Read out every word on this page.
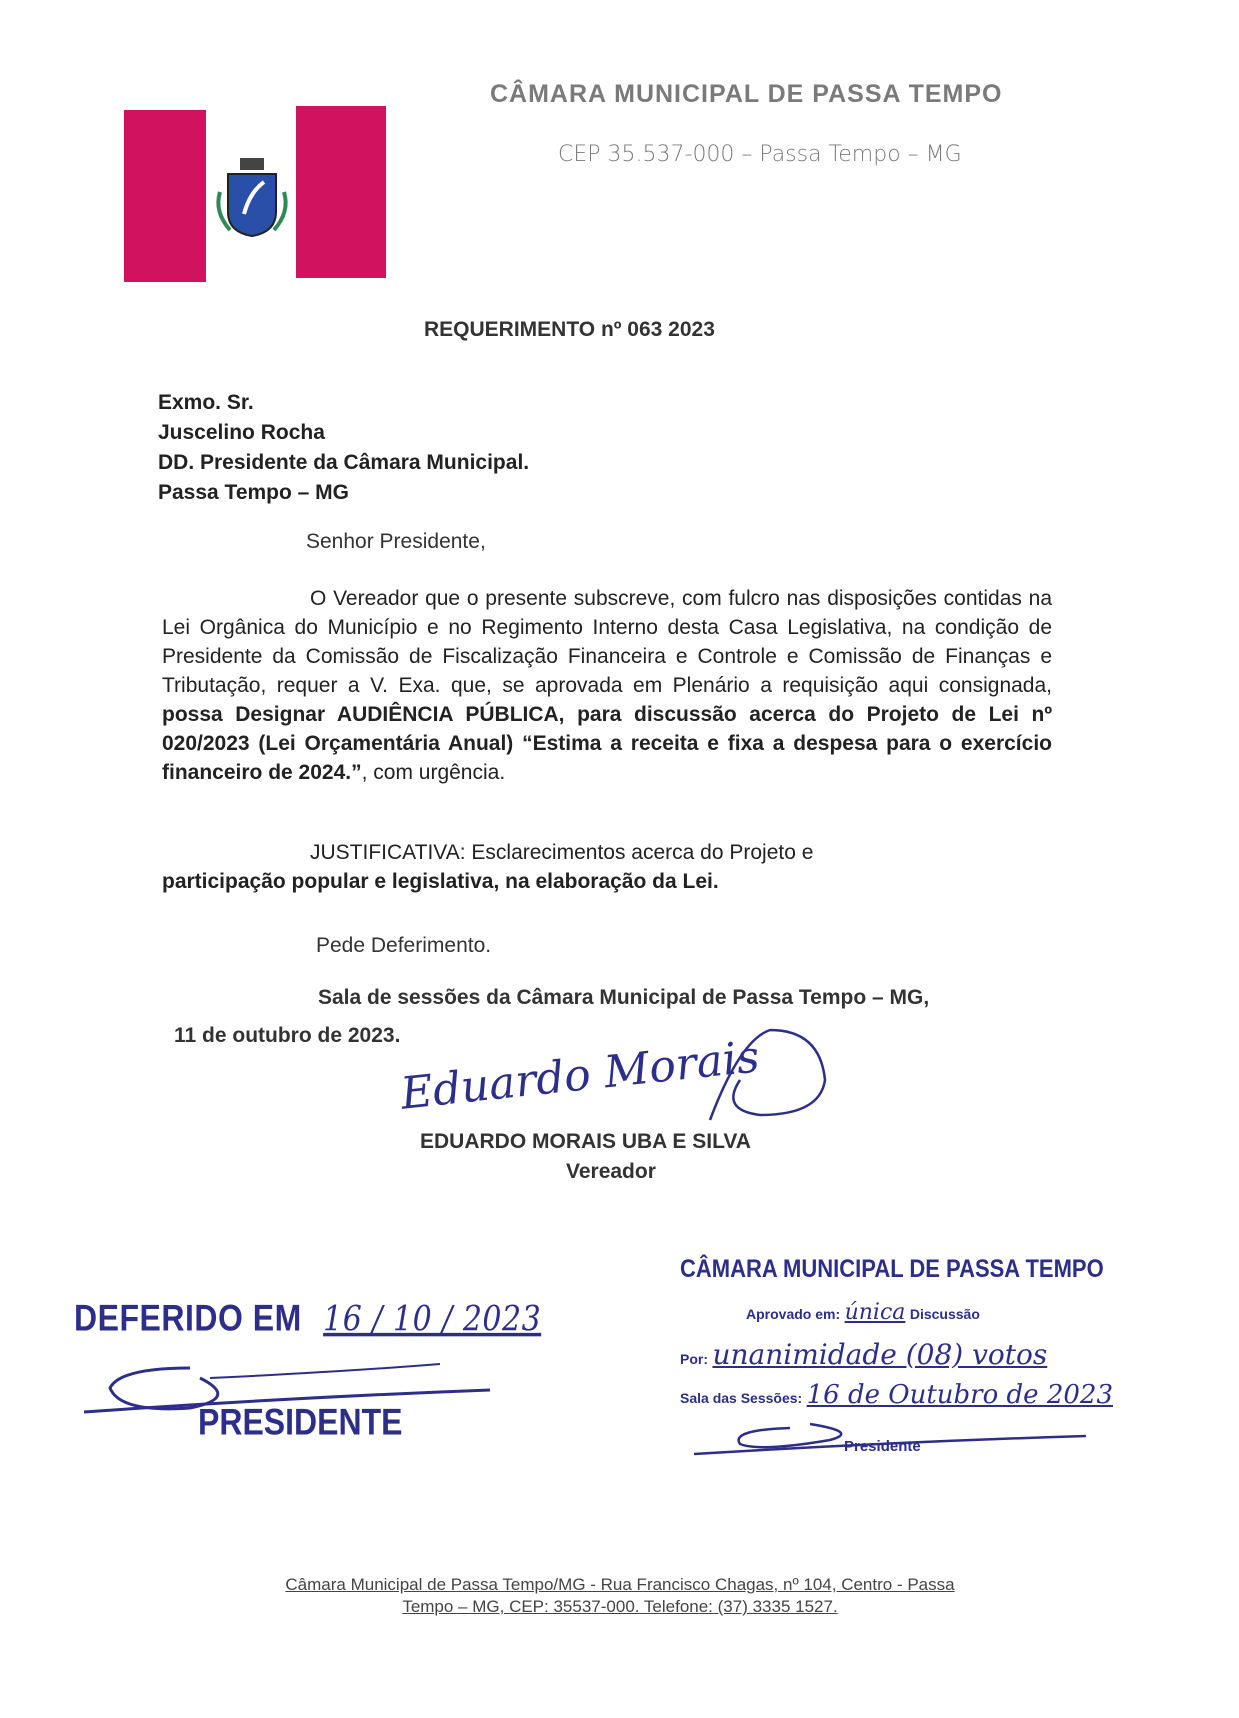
CÂMARA MUNICIPAL DE PASSA TEMPO
CEP 35.537-000 – Passa Tempo – MG
REQUERIMENTO nº 063 2023
Exmo. Sr.
Juscelino Rocha
DD. Presidente da Câmara Municipal.
Passa Tempo – MG
Senhor Presidente,
O Vereador que o presente subscreve, com fulcro nas disposições contidas na Lei Orgânica do Município e no Regimento Interno desta Casa Legislativa, na condição de Presidente da Comissão de Fiscalização Financeira e Controle e Comissão de Finanças e Tributação, requer a V. Exa. que, se aprovada em Plenário a requisição aqui consignada, possa Designar AUDIÊNCIA PÚBLICA, para discussão acerca do Projeto de Lei nº 020/2023 (Lei Orçamentária Anual) “Estima a receita e fixa a despesa para o exercício financeiro de 2024.”, com urgência.
JUSTIFICATIVA: Esclarecimentos acerca do Projeto e
participação popular e legislativa, na elaboração da Lei.
Pede Deferimento.
Sala de sessões da Câmara Municipal de Passa Tempo – MG,
11 de outubro de 2023.
Eduardo Morais
EDUARDO MORAIS UBA E SILVA
Vereador
DEFERIDO EM 16 / 10 / 2023
PRESIDENTE
CÂMARA MUNICIPAL DE PASSA TEMPO
Aprovado em: única Discussão
Por: unanimidade (08) votos
Sala das Sessões: 16 de Outubro de 2023
Presidente
Câmara Municipal de Passa Tempo/MG - Rua Francisco Chagas, nº 104, Centro - Passa
Tempo – MG, CEP: 35537-000. Telefone: (37) 3335 1527.
